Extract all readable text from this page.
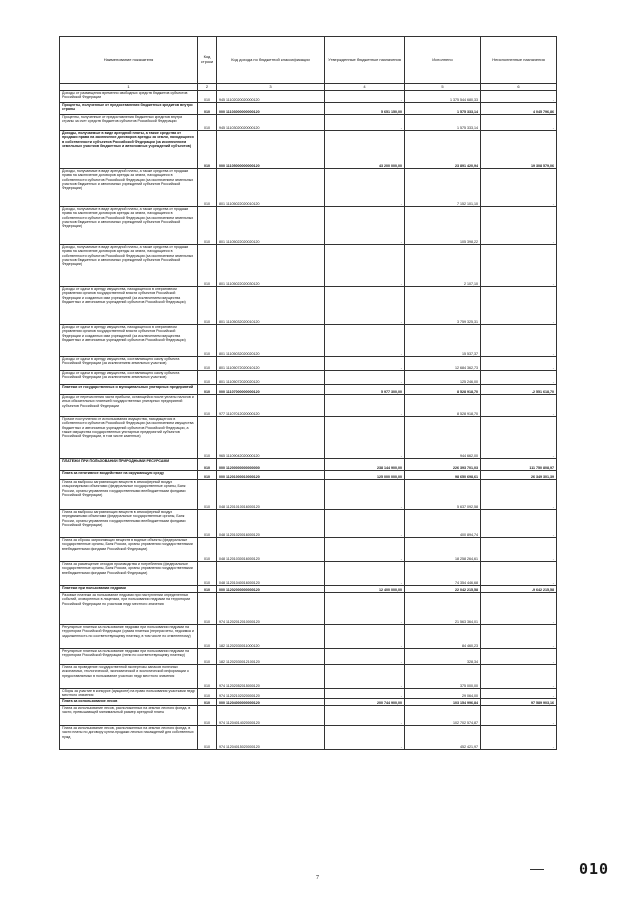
Наименование показателя	Код строки	Код дохода по бюджетной классификации	Утвержденные бюджетные назначения	Исполнено	Неисполненные назначения
1	2	3	4	5	6
Доходы от размещения временно свободных средств бюджетов субъектов Российской Федерации	010	945 11102020020000120	-	1 375 544 680,33	-
Проценты, полученные от предоставления бюджетных кредитов внутри страны	010	000 11103000000000120	5 651 150,00	1 575 333,14	4 045 796,86
Проценты, полученные от предоставления бюджетных кредитов внутри страны за счет средств бюджетов субъектов Российской Федерации	010	945 11103020020000120	-	1 575 333,14	-
Доходы, получаемые в виде арендной платы, а также средства от продажи права на заключение договоров аренды за земли, находящиеся в собственности субъектов Российской Федерации (за исключением земельных участков бюджетных и автономных учреждений субъектов)	010	000 11105000000000120	43 200 000,00	23 891 420,94	19 308 579,06
Доходы, получаемые в виде арендной платы, а также средства от продажи права на заключение договоров аренды за земли, находящиеся в собственности субъектов Российской Федерации (за исключением земельных участков бюджетных и автономных учреждений субъектов Российской Федерации)	010	801 11105022020010120	-	7 152 101,10	-
Доходы, получаемые в виде арендной платы, а также средства от продажи права на заключение договоров аренды за земли, находящиеся в собственности субъектов Российской Федерации (за исключением земельных участков бюджетных и автономных учреждений субъектов Российской Федерации)	010	801 11105022020020120	-	105 398,22	-
Доходы, получаемые в виде арендной платы, а также средства от продажи права на заключение договоров аренды за земли, находящиеся в собственности субъектов Российской Федерации (за исключением земельных участков бюджетных и автономных учреждений субъектов Российской Федерации)	010	801 11105022020030120	-	2 107,10	-
Доходы от сдачи в аренду имущества, находящегося в оперативном управлении органов государственной власти субъектов Российской Федерации и созданных ими учреждений (за исключением имущества бюджетных и автономных учреждений субъектов Российской Федерации)	010	801 11105032020010120	-	3 759 325,31	-
Доходы от сдачи в аренду имущества, находящегося в оперативном управлении органов государственной власти субъектов Российской Федерации и созданных ими учреждений (за исключением имущества бюджетных и автономных учреждений субъектов Российской Федерации)	010	801 11105032020020120	-	15 537,37	-
Доходы от сдачи в аренду имущества, составляющего казну субъекта Российской Федерации (за исключением земельных участков)	010	801 11105072020010120	-	12 684 362,73	-
Доходы от сдачи в аренду имущества, составляющего казну субъекта Российской Федерации (за исключением земельных участков)	010	801 11105072020020120	-	125 246,00	-
Платежи от государственных и муниципальных унитарных предприятий	010	000 11107000000000120	5 977 300,00	8 528 918,70	-2 551 618,70
Доходы от перечисления части прибыли, остающейся после уплаты налогов и иных обязательных платежей государственных унитарных предприятий субъектов Российской Федерации	010	977 11107012020000120	-	8 528 918,70	-
Прочие поступления от использования имущества, находящегося в собственности субъектов Российской Федерации (за исключением имущества бюджетных и автономных учреждений субъектов Российской Федерации, а также имущества государственных унитарных предприятий субъектов Российской Федерации, в том числе казенных)	010	965 11109042020000120	-	944 662,00	-
ПЛАТЕЖИ ПРИ ПОЛЬЗОВАНИИ ПРИРОДНЫМИ РЕСУРСАМИ	010	000 11200000000000000	238 144 900,00	226 393 701,03	111 750 808,97
Плата за негативное воздействие на окружающую среду	010	000 11201000010000120	125 000 000,00	98 650 698,61	26 349 301,39
Плата за выбросы загрязняющих веществ в атмосферный воздух стационарными объектами (федеральные государственные органы, Банк России, органы управления государственными внебюджетными фондами Российской Федерации)	010	048 11201010016000120	-	5 637 092,58	-
Плата за выбросы загрязняющих веществ в атмосферный воздух передвижными объектами (федеральные государственные органы, Банк России, органы управления государственными внебюджетными фондами Российской Федерации)	010	048 11201020016000120	-	400 894,74	-
Плата за сбросы загрязняющих веществ в водные объекты (федеральные государственные органы, Банк России, органы управления государственными внебюджетными фондами Российской Федерации)	010	048 11201030016000120	-	18 258 264,61	-
Плата за размещение отходов производства и потребления (федеральные государственные органы, Банк России, органы управления государственными внебюджетными фондами Российской Федерации)	010	048 11201040016000120	-	74 354 446,68	-
Платежи при пользовании недрами	010	000 11202000000000120	12 400 000,00	22 042 215,58	-9 642 215,58
Разовые платежи за пользование недрами при наступлении определенных событий, оговоренных в лицензии, при пользовании недрами на территории Российской Федерации по участкам недр местного значения	010	974 11202012010000120	-	21 563 364,01	-
Регулярные платежи за пользование недрами при пользовании недрами на территории Российской Федерации (сумма платежа (перерасчеты, недоимка и задолженность по соответствующему платежу, в том числе по отмененному)	010	182 11202030011000120	-	84 460,23	-
Регулярные платежи за пользование недрами при пользовании недрами на территории Российской Федерации (пени по соответствующему платежу)	010	182 11202030012100120	-	328,34	-
Плата за проведение государственной экспертизы запасов полезных ископаемых, геологической, экономической и экологической информации о предоставляемых в пользование участках недр местного значения	010	974 11202052015000120	-	375 000,00	-
Сборы за участие в конкурсе (аукционе) на право пользования участками недр местного значения	010	974 11202102020000120	-	29 064,00	-
Плата за использование лесов	010	000 11204000000000120	200 744 900,00	103 154 996,84	97 589 903,16
Плата за использование лесов, расположенных на землях лесного фонда, в части, превышающей минимальный размер арендной платы	010	974 11204014020000120	-	102 702 574,87	-
Плата за использование лесов, расположенных на землях лесного фонда, в части платы по договору купли-продажи лесных насаждений для собственных нужд	010	974 11204015020000120	-	452 421,97	-
7	010
